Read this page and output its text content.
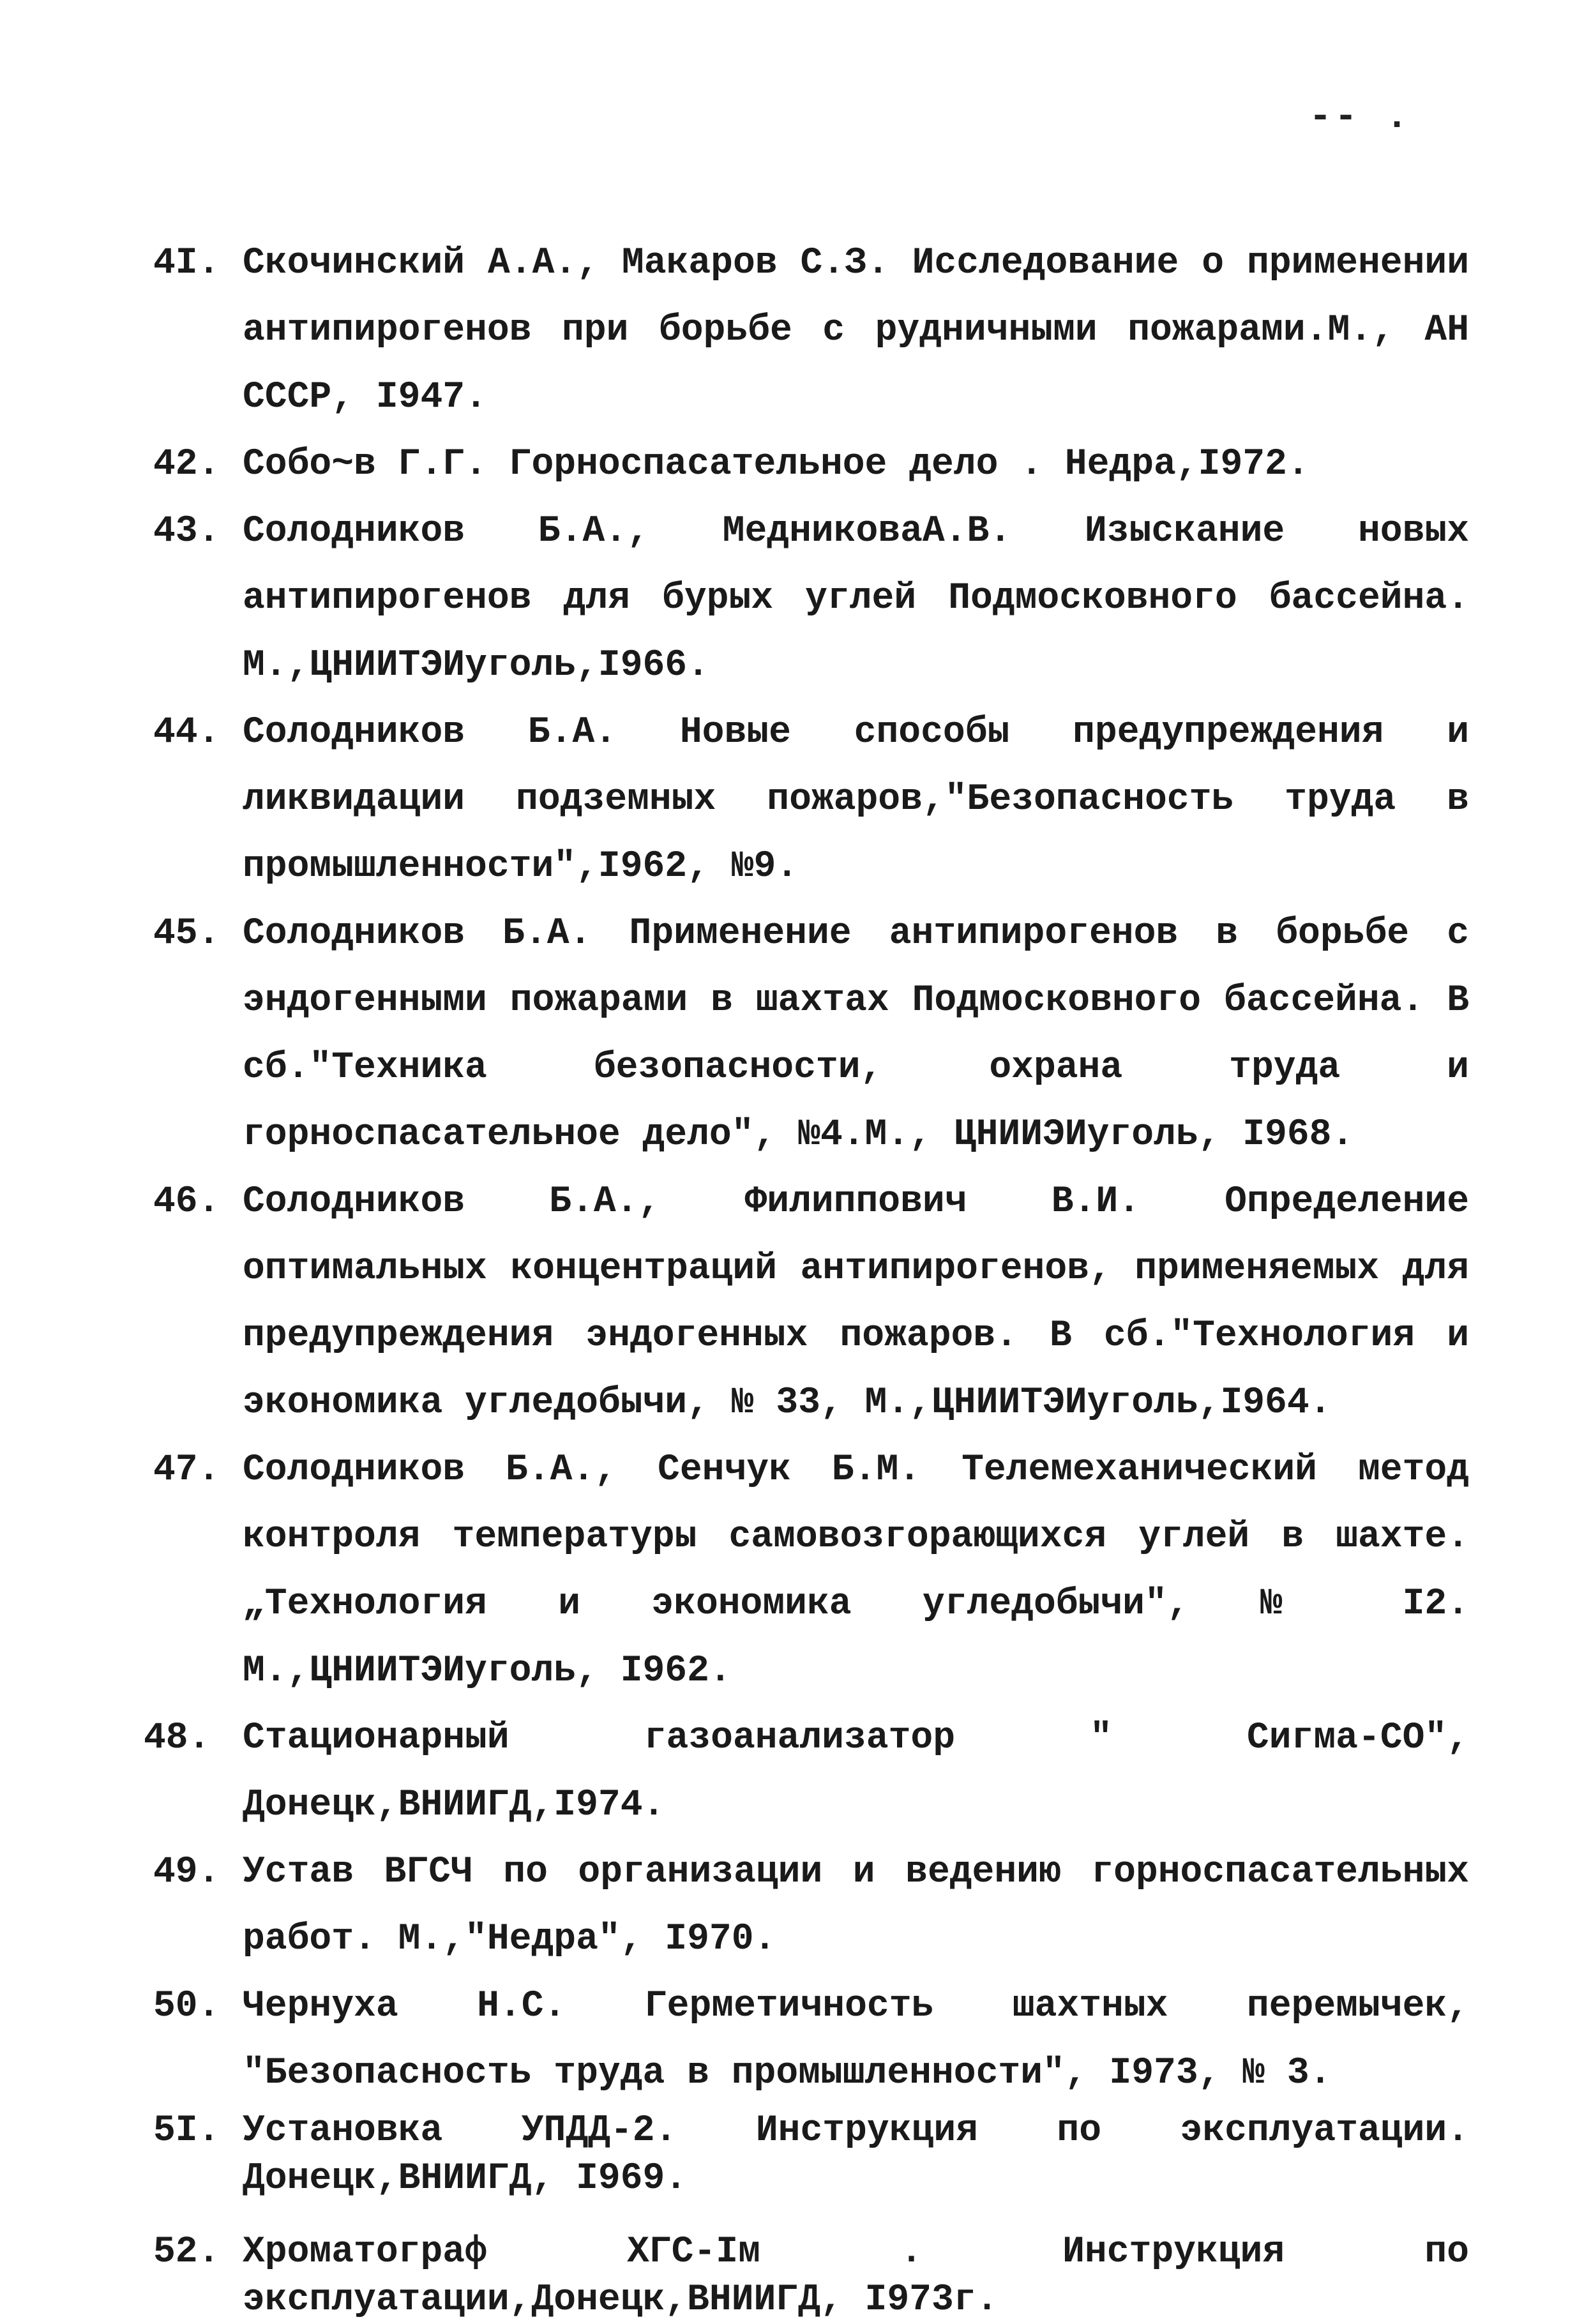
-- .
4I. Скочинский А.А., Макаров С.З. Исследование о применении антипирогенов при борьбе с рудничными пожарами.М., АН СССР, I947.
42. Собо~в Г.Г. Горноспасательное дело . Недра,I972.
43. Солодников Б.А., МедниковаА.В. Изыскание новых антипирогенов для бурых углей Подмосковного бассейна. М.,ЦНИИТЭИуголь,I966.
44. Солодников Б.А. Новые способы предупреждения и ликвидации подземных пожаров,"Безопасность труда в промышленности",I962, №9.
45. Солодников Б.А. Применение антипирогенов в борьбе с эндогенными пожарами в шахтах Подмосковного бассейна. В сб."Техника безопасности, охрана труда и горноспасательное дело", №4.М., ЦНИИЭИуголь, I968.
46. Солодников Б.А., Филиппович В.И. Определение оптимальных концентраций антипирогенов, применяемых для предупреждения эндогенных пожаров. В сб."Технология и экономика угледобычи, № 33, М.,ЦНИИТЭИуголь,I964.
47. Солодников Б.А., Сенчук Б.М. Телемеханический метод контроля температуры самовозгорающихся углей в шахте.„Технология и экономика угледобычи", № I2. М.,ЦНИИТЭИуголь, I962.
48. Стационарный газоанализатор " Сигма-СО", Донецк,ВНИИГД,I974.
49. Устав ВГСЧ по организации и ведению горноспасательных работ. М.,"Недра", I970.
50. Чернуха Н.С. Герметичность шахтных перемычек, "Безопасность труда в промышленности", I973, № 3.
5I. Установка УПДД-2. Инструкция по эксплуатации. Донецк,ВНИИГД, I969.
52. Хроматограф ХГС-Iм . Инструкция по эксплуатации,Донецк,ВНИИГД, I973г.
